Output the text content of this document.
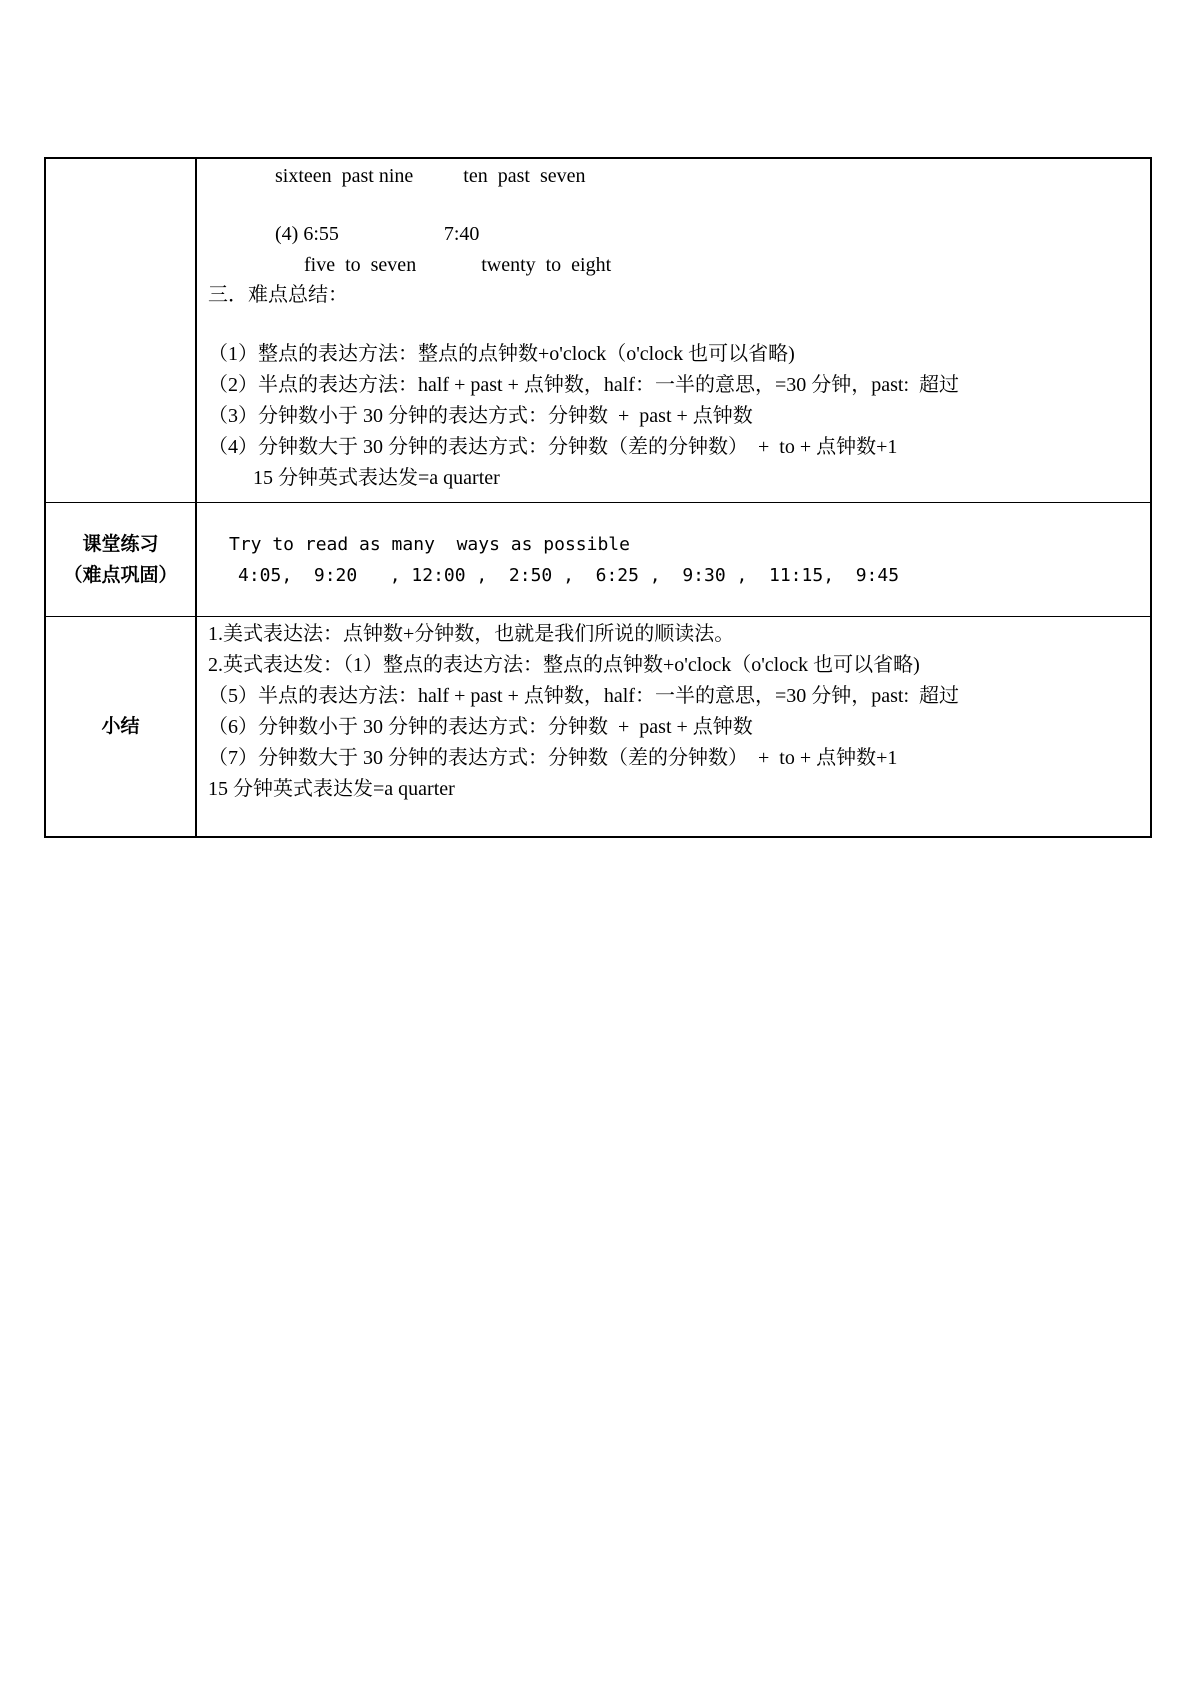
sixteen  past nine          ten  past  seven
(4) 6:55                     7:40
five  to  seven             twenty  to  eight
三．难点总结：
（1）整点的表达方法：整点的点钟数+o'clock（o'clock 也可以省略)
（2）半点的表达方法：half + past + 点钟数，half：一半的意思，=30 分钟，past:  超过
（3）分钟数小于 30 分钟的表达方式：分钟数  +  past + 点钟数
（4）分钟数大于 30 分钟的表达方式：分钟数（差的分钟数）  +  to + 点钟数+1
15 分钟英式表达发=a quarter
课堂练习
（难点巩固）
Try to read as many  ways as possible
4:05,  9:20   , 12:00 ,  2:50 ,  6:25 ,  9:30 ,  11:15,  9:45
小结
1.美式表达法：点钟数+分钟数，也就是我们所说的顺读法。
2.英式表达发：（1）整点的表达方法：整点的点钟数+o'clock（o'clock 也可以省略)
（5）半点的表达方法：half + past + 点钟数，half：一半的意思，=30 分钟，past:  超过
（6）分钟数小于 30 分钟的表达方式：分钟数  +  past + 点钟数
（7）分钟数大于 30 分钟的表达方式：分钟数（差的分钟数）  +  to + 点钟数+1
15 分钟英式表达发=a quarter
